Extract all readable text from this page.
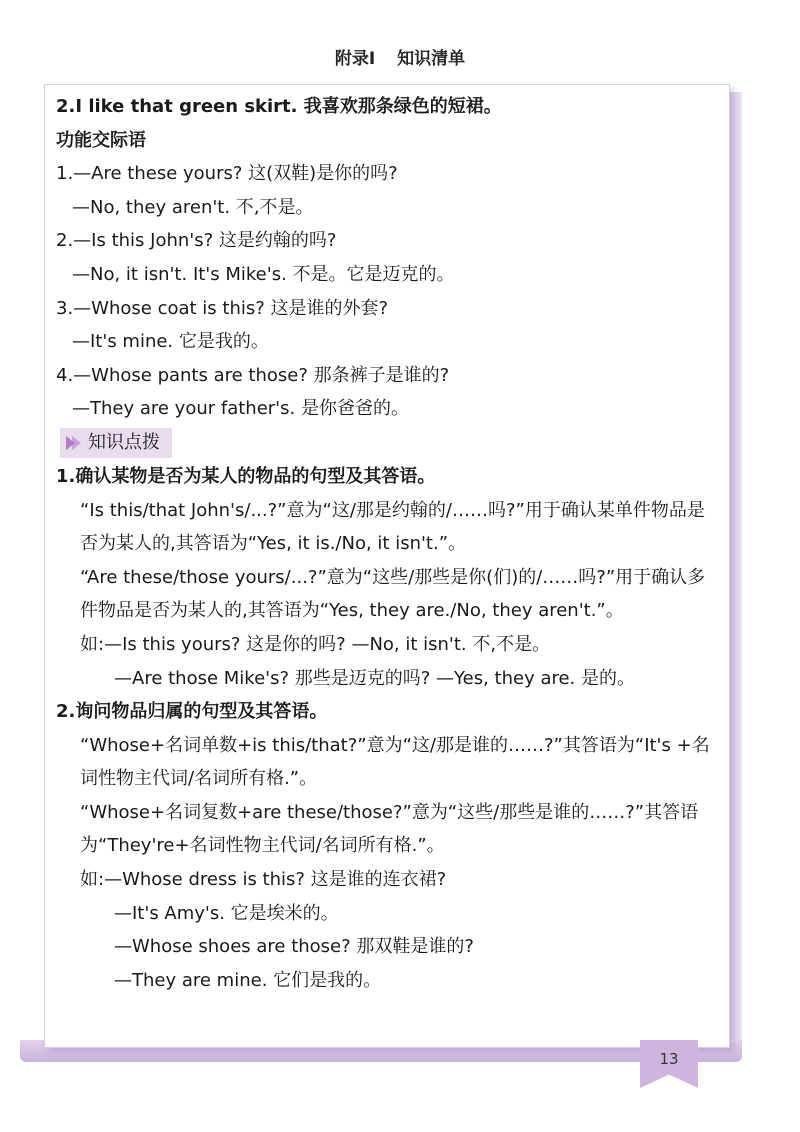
附录Ⅰ 知识清单
2.I like that green skirt. 我喜欢那条绿色的短裙。
功能交际语
1.—Are these yours? 这(双鞋)是你的吗?
—No, they aren't. 不,不是。
2.—Is this John's? 这是约翰的吗?
—No, it isn't. It's Mike's. 不是。它是迈克的。
3.—Whose coat is this? 这是谁的外套?
—It's mine. 它是我的。
4.—Whose pants are those? 那条裤子是谁的?
—They are your father's. 是你爸爸的。
知识点拨
1.确认某物是否为某人的物品的句型及其答语。
“Is this/that John's/...?”意为“这/那是约翰的/……吗?”用于确认某单件物品是否为某人的,其答语为“Yes, it is./No, it isn't.”。
“Are these/those yours/...?”意为“这些/那些是你(们)的/……吗?”用于确认多件物品是否为某人的,其答语为“Yes, they are./No, they aren't.”。
如:—Is this yours? 这是你的吗? —No, it isn't. 不,不是。
—Are those Mike's? 那些是迈克的吗? —Yes, they are. 是的。
2.询问物品归属的句型及其答语。
“Whose+名词单数+is this/that?”意为“这/那是谁的……?”其答语为“It's +名词性物主代词/名词所有格.”。
“Whose+名词复数+are these/those?”意为“这些/那些是谁的……?”其答语为“They're+名词性物主代词/名词所有格.”。
如:—Whose dress is this? 这是谁的连衣裙?
—It's Amy's. 它是埃米的。
—Whose shoes are those? 那双鞋是谁的?
—They are mine. 它们是我的。
13
